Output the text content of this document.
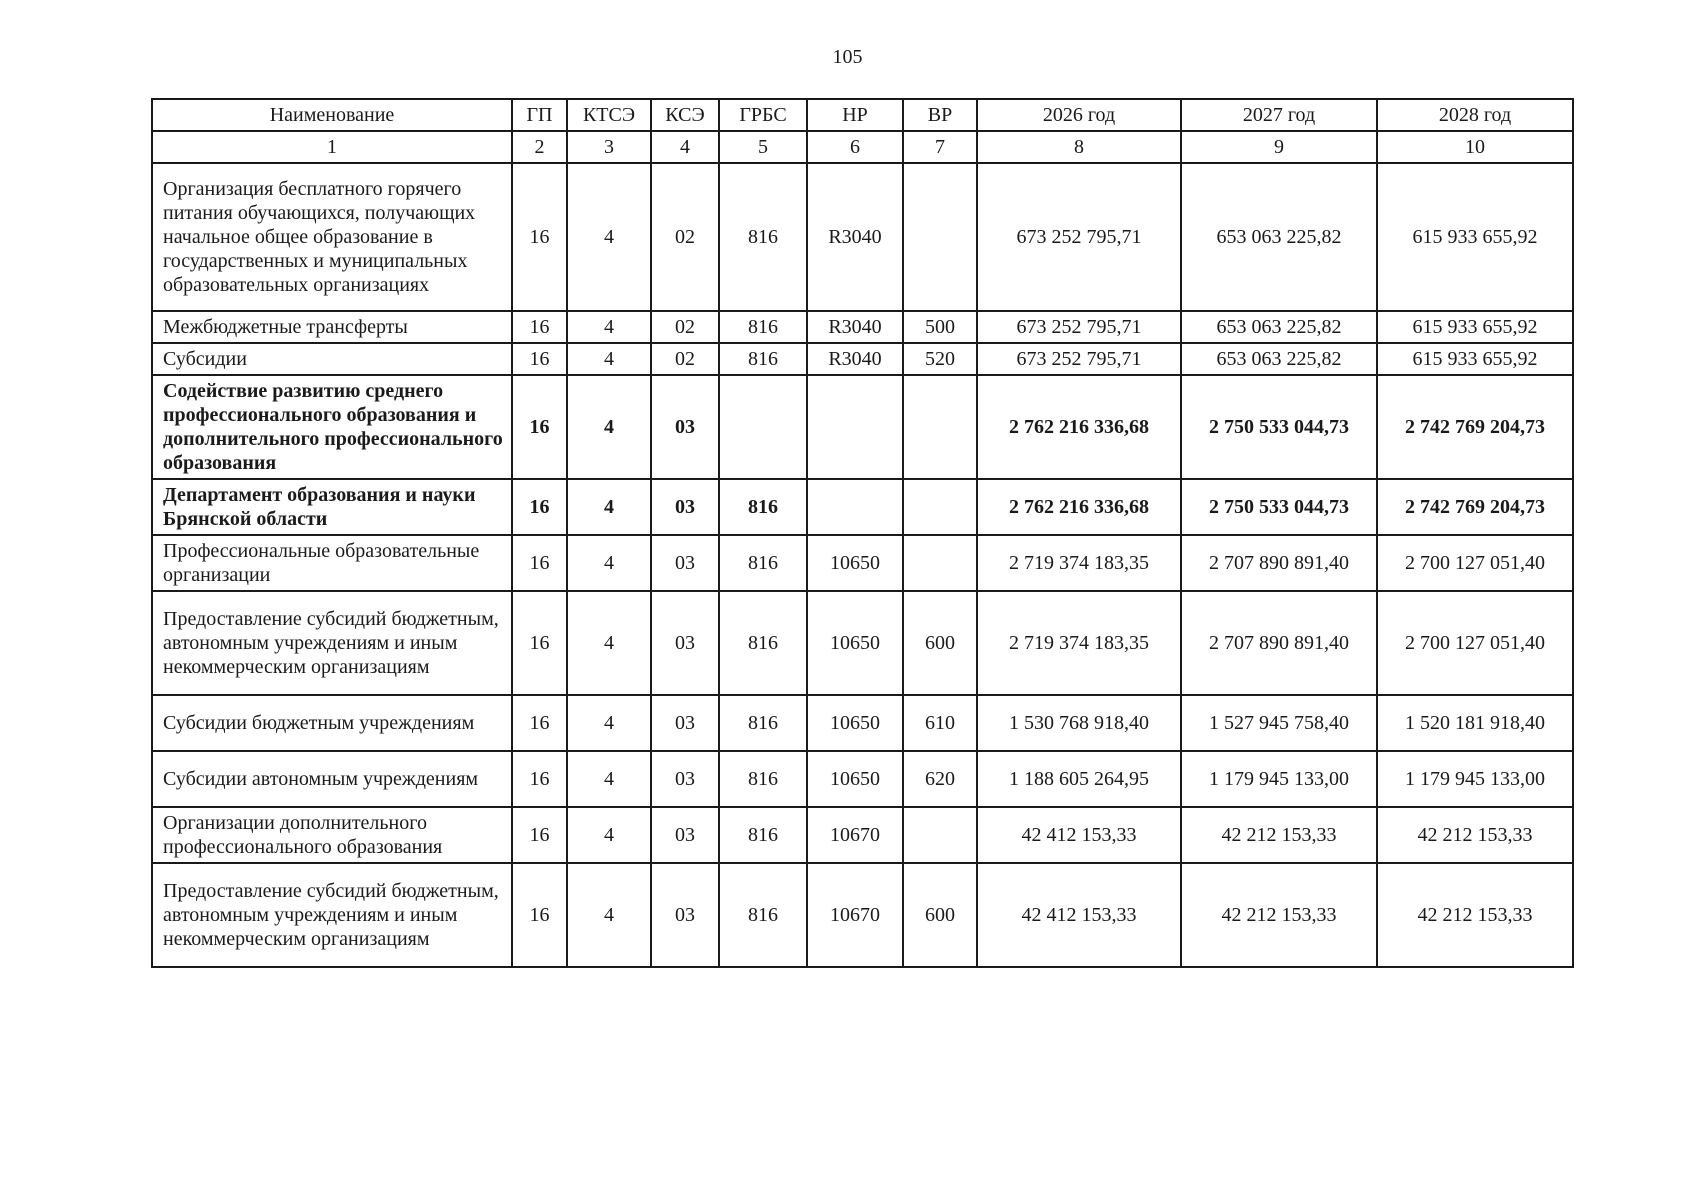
105
Наименование	ГП	КТСЭ	КСЭ	ГРБС	НР	ВР	2026 год	2027 год	2028 год
1	2	3	4	5	6	7	8	9	10
Организация бесплатного горячего питания обучающихся, получающих начальное общее образование в государственных и муниципальных образовательных организациях	16	4	02	816	R3040		673 252 795,71	653 063 225,82	615 933 655,92
Межбюджетные трансферты	16	4	02	816	R3040	500	673 252 795,71	653 063 225,82	615 933 655,92
Субсидии	16	4	02	816	R3040	520	673 252 795,71	653 063 225,82	615 933 655,92
Содействие развитию среднего профессионального образования и дополнительного профессионального образования	16	4	03				2 762 216 336,68	2 750 533 044,73	2 742 769 204,73
Департамент образования и науки Брянской области	16	4	03	816			2 762 216 336,68	2 750 533 044,73	2 742 769 204,73
Профессиональные образовательные организации	16	4	03	816	10650		2 719 374 183,35	2 707 890 891,40	2 700 127 051,40
Предоставление субсидий бюджетным, автономным учреждениям и иным некоммерческим организациям	16	4	03	816	10650	600	2 719 374 183,35	2 707 890 891,40	2 700 127 051,40
Субсидии бюджетным учреждениям	16	4	03	816	10650	610	1 530 768 918,40	1 527 945 758,40	1 520 181 918,40
Субсидии автономным учреждениям	16	4	03	816	10650	620	1 188 605 264,95	1 179 945 133,00	1 179 945 133,00
Организации дополнительного профессионального образования	16	4	03	816	10670		42 412 153,33	42 212 153,33	42 212 153,33
Предоставление субсидий бюджетным, автономным учреждениям и иным некоммерческим организациям	16	4	03	816	10670	600	42 412 153,33	42 212 153,33	42 212 153,33
